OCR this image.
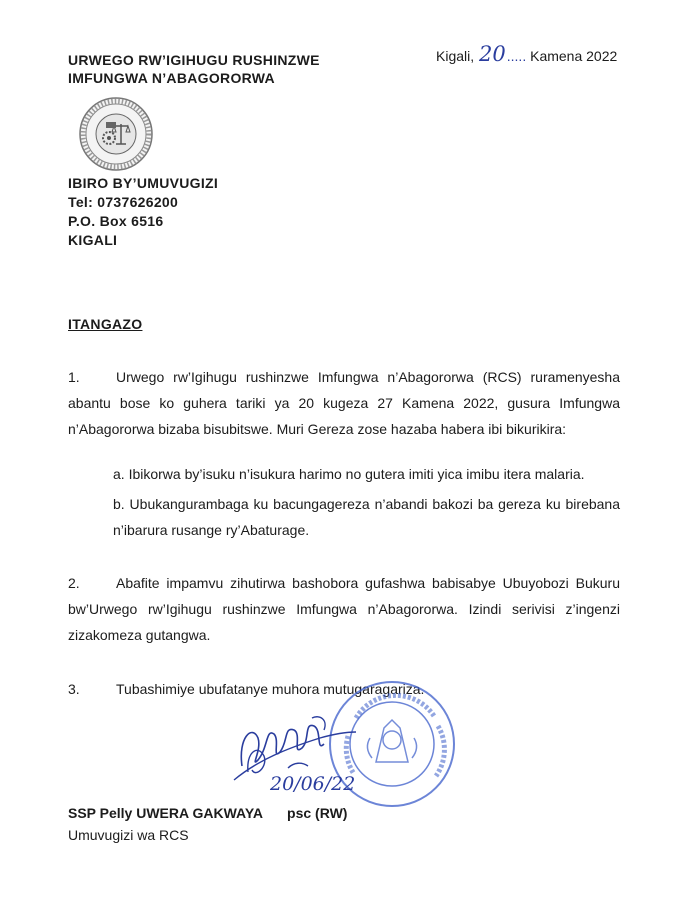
URWEGO RW’IGIHUGU RUSHINZWE
IMFUNGWA N’ABAGORORWA
Kigali, 20..... Kamena 2022
IBIRO BY’UMUVUGIZI
Tel: 0737626200
P.O. Box 6516
KIGALI
ITANGAZO
1.	Urwego rw’Igihugu rushinzwe Imfungwa n’Abagororwa (RCS) ruramenyesha abantu bose ko guhera tariki ya 20 kugeza 27 Kamena 2022, gusura Imfungwa n’Abagororwa bizaba bisubitswe. Muri Gereza zose hazaba habera ibi bikurikira:
a. Ibikorwa by’isuku n’isukura harimo no gutera imiti yica imibu itera malaria.
b. Ubukangurambaga ku bacungagereza n’abandi bakozi ba gereza ku birebana n’ibarura rusange ry’Abaturage.
2.	Abafite impamvu zihutirwa bashobora gufashwa babisabye Ubuyobozi Bukuru bw’Urwego rw’Igihugu rushinzwe Imfungwa n’Abagororwa. Izindi serivisi z’ingenzi zizakomeza gutangwa.
3.	Tubashimiye ubufatanye muhora mutugaragariza.
20/06/22
SSP Pelly UWERA GAKWAYA psc (RW)
Umuvugizi wa RCS
